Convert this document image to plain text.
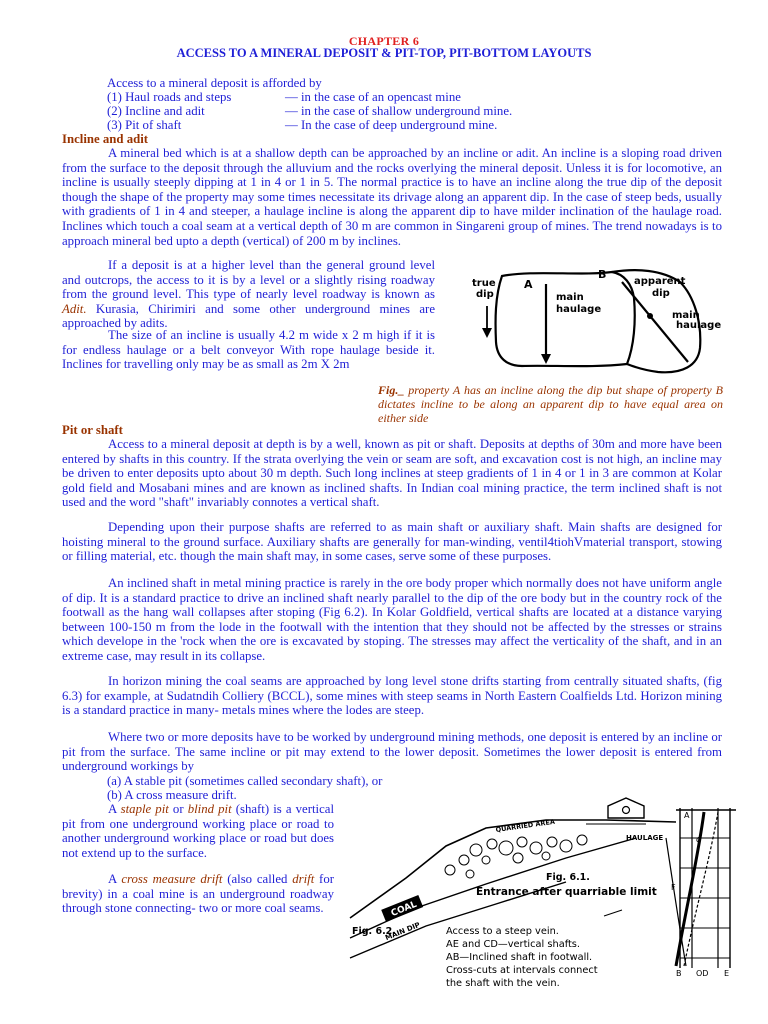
CHAPTER 6
ACCESS TO A MINERAL DEPOSIT & PIT-TOP, PIT-BOTTOM LAYOUTS
Access to a mineral deposit is afforded by
(1) Haul roads and steps	— in the case of an opencast mine
(2) Incline and adit	— in the case of shallow underground mine.
(3) Pit of shaft	— In the case of deep underground mine.
Incline and adit
A mineral bed which is at a shallow depth can be approached by an incline or adit. An incline is a sloping road driven from the surface to the deposit through the alluvium and the rocks overlying the mineral deposit. Unless it is for locomotive, an incline is usually steeply dipping at 1 in 4 or 1 in 5. The normal practice is to have an incline along the true dip of the deposit though the shape of the property may some times necessitate its drivage along an apparent dip. In the case of steep beds, usually with gradients of 1 in 4 and steeper, a haulage incline is along the apparent dip to have milder inclination of the haulage road. Inclines which touch a coal seam at a vertical depth of 30 m are common in Singareni group of mines. The trend nowadays is to approach mineral bed upto a depth (vertical) of 200 m by inclines.
If a deposit is at a higher level than the general ground level and outcrops, the access to it is by a level or a slightly rising roadway from the ground level. This type of nearly level roadway is known as Adit. Kurasia, Chirimiri and some other underground mines are approached by adits.
The size of an incline is usually 4.2 m wide x 2 m high if it is for endless haulage or a belt conveyor With rope haulage beside it. Inclines for travelling only may be as small as 2m X 2m
true
dip
A
main
haulage
B
apparent
dip
main
haulage
Fig._ property A has an incline along the dip but shape of property B dictates incline to be along an apparent dip to have equal area on either side
Pit or shaft
Access to a mineral deposit at depth is by a well, known as pit or shaft. Deposits at depths of 30m and more have been entered by shafts in this country. If the strata overlying the vein or seam are soft, and excavation cost is not high, an incline may be driven to enter deposits upto about 30 m depth. Such long inclines at steep gradients of 1 in 4 or 1 in 3 are common at Kolar gold field and Mosabani mines and are known as inclined shafts. In Indian coal mining practice, the term inclined shaft is not used and the word "shaft" invariably connotes a vertical shaft.
Depending upon their purpose shafts are referred to as main shaft or auxiliary shaft. Main shafts are designed for hoisting mineral to the ground surface. Auxiliary shafts are generally for man-winding, ventil4tiohVmaterial transport, stowing or filling material, etc. though the main shaft may, in some cases, serve some of these purposes.
An inclined shaft in metal mining practice is rarely in the ore body proper which normally does not have uniform angle of dip. It is a standard practice to drive an inclined shaft nearly parallel to the dip of the ore body but in the country rock of the footwall as the hang wall collapses after stoping (Fig 6.2). In Kolar Goldfield, vertical shafts are located at a distance varying between 100-150 m from the lode in the footwall with the intention that they should not be affected by the stresses or strains which develope in the 'rock when the ore is excavated by stoping. The stresses may affect the verticality of the shaft, and in an extreme case, may result in its collapse.
In horizon mining the coal seams are approached by long level stone drifts starting from centrally situated shafts, (fig 6.3) for example, at Sudatndih Colliery (BCCL), some mines with steep seams in North Eastern Coalfields Ltd. Horizon mining is a standard practice in many- metals mines where the lodes are steep.
Where two or more deposits have to be worked by underground mining methods, one deposit is entered by an incline or pit from the surface. The same incline or pit may extend to the lower deposit. Sometimes the lower deposit is entered from underground workings by
(a) A stable pit (sometimes called secondary shaft), or
(b) A cross measure drift.
A staple pit or blind pit (shaft) is a vertical pit from one underground working place or road to another underground working place or road but does not extend up to the surface.
A cross measure drift (also called drift for brevity) in a coal mine is an underground roadway through stone connecting- two or more coal seams.
QUARRIED AREA
HAULAGE
COAL
MAIN DIP
Fig. 6.1.
Entrance after quarriable limit
Fig. 6.2.	Access to a steep vein.
AE and CD—vertical shafts.
AB—Inclined shaft in footwall.
Cross-cuts at intervals connect
the shaft with the vein.
A
d
F
B OD E
